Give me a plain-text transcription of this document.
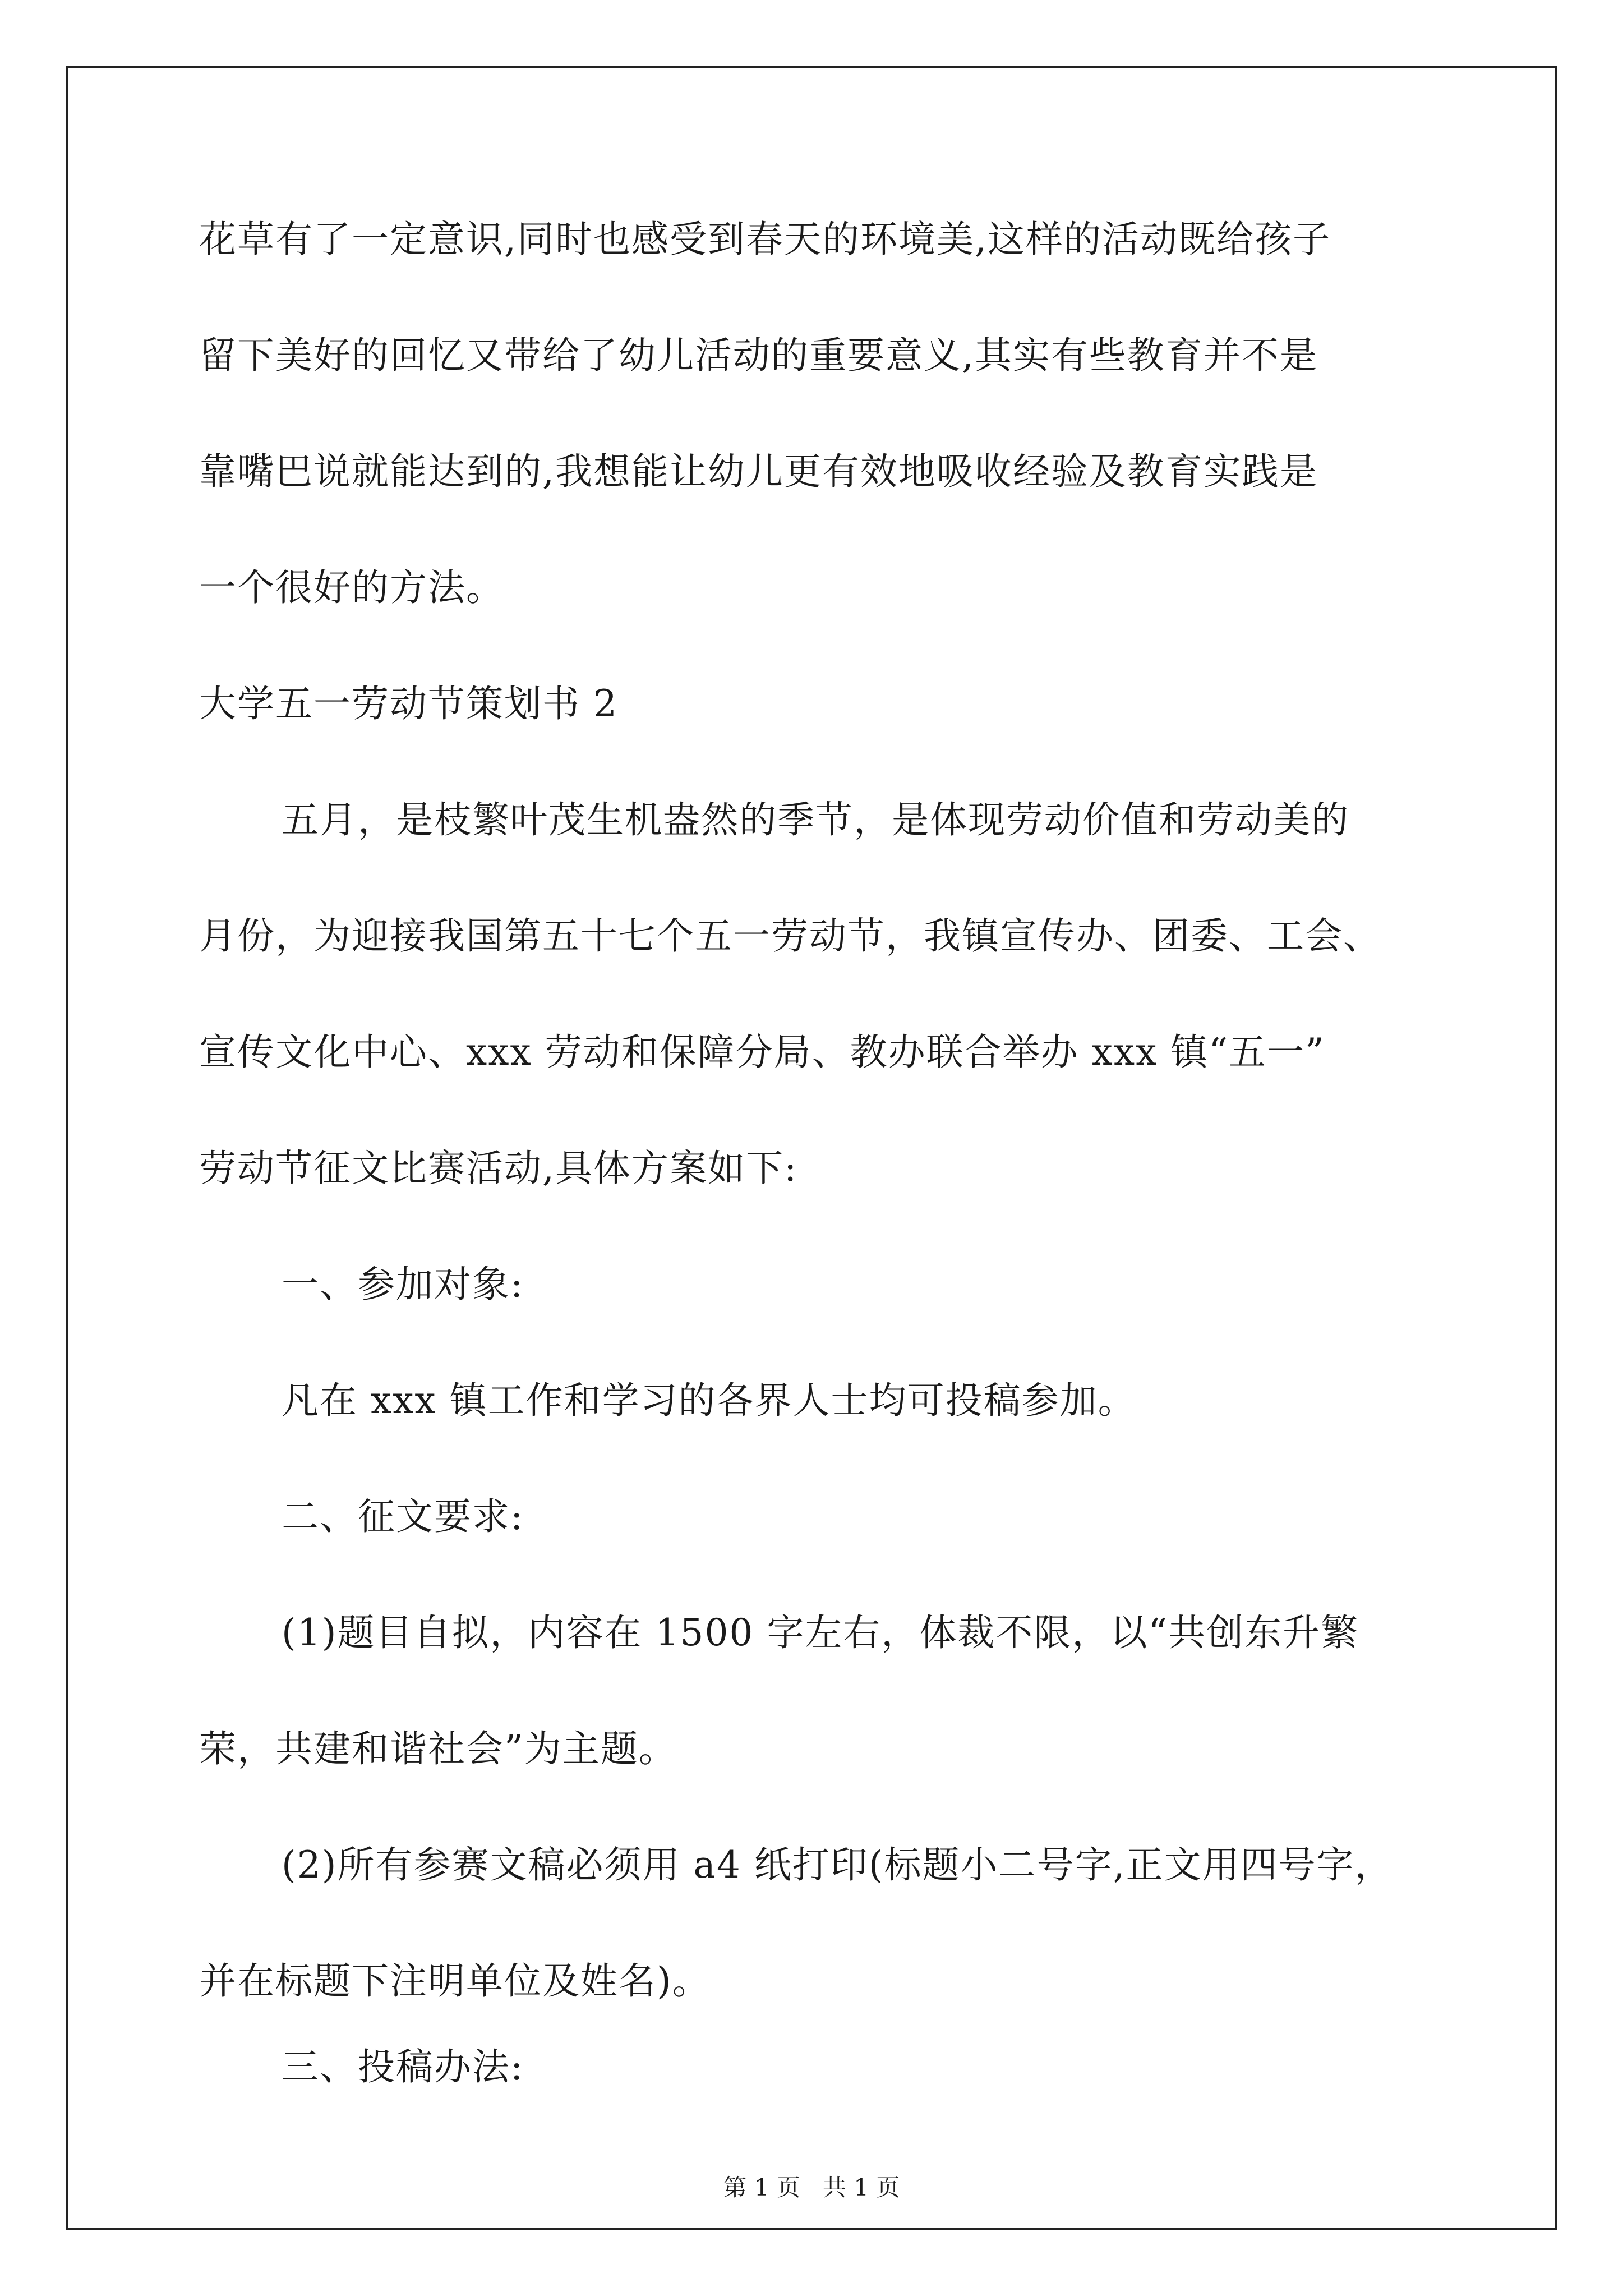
花草有了一定意识,同时也感受到春天的环境美,这样的活动既给孩子
留下美好的回忆又带给了幼儿活动的重要意义,其实有些教育并不是
靠嘴巴说就能达到的,我想能让幼儿更有效地吸收经验及教育实践是
一个很好的方法。
大学五一劳动节策划书 2
五月，是枝繁叶茂生机盎然的季节，是体现劳动价值和劳动美的
月份，为迎接我国第五十七个五一劳动节，我镇宣传办、团委、工会、
宣传文化中心、xxx 劳动和保障分局、教办联合举办 xxx 镇“五一”
劳动节征文比赛活动,具体方案如下:
一、参加对象:
凡在 xxx 镇工作和学习的各界人士均可投稿参加。
二、征文要求:
(1)题目自拟，内容在 1500 字左右，体裁不限，以“共创东升繁
荣，共建和谐社会”为主题。
(2)所有参赛文稿必须用 a4 纸打印(标题小二号字,正文用四号字，
并在标题下注明单位及姓名)。
三、投稿办法:
第 1 页   共 1 页
